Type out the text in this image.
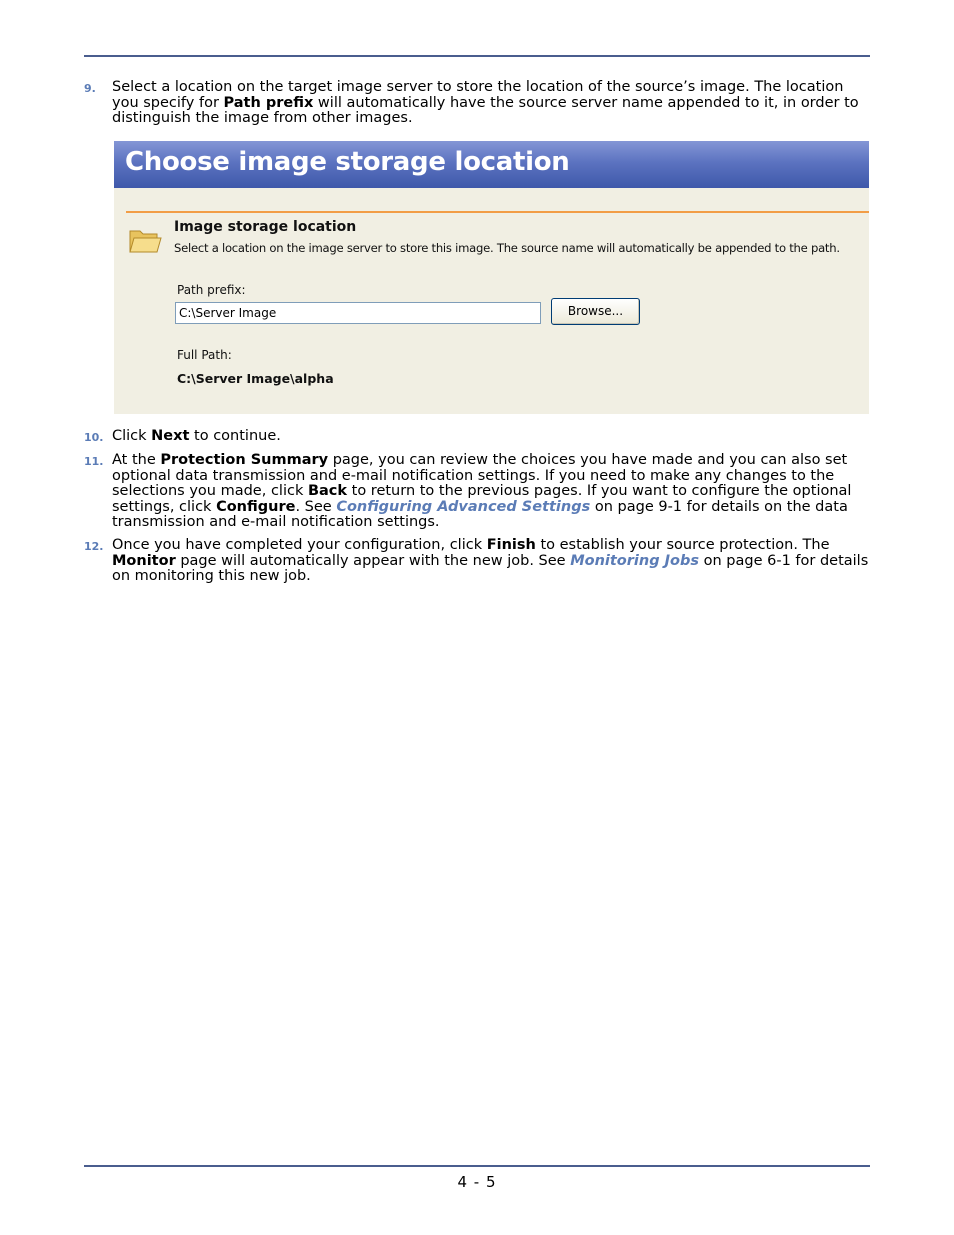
9. Select a location on the target image server to store the location of the source’s image. The location you specify for Path prefix will automatically have the source server name appended to it, in order to distinguish the image from other images.
Choose image storage location
Image storage location
Select a location on the image server to store this image. The source name will automatically be appended to the path.
Path prefix:
C:\Server Image	Browse...
Full Path:
C:\Server Image\alpha
10. Click Next to continue.
11. At the Protection Summary page, you can review the choices you have made and you can also set optional data transmission and e-mail notification settings. If you need to make any changes to the selections you made, click Back to return to the previous pages. If you want to configure the optional settings, click Configure. See Configuring Advanced Settings on page 9-1 for details on the data transmission and e-mail notification settings.
12. Once you have completed your configuration, click Finish to establish your source protection. The Monitor page will automatically appear with the new job. See Monitoring Jobs on page 6-1 for details on monitoring this new job.
4 - 5
